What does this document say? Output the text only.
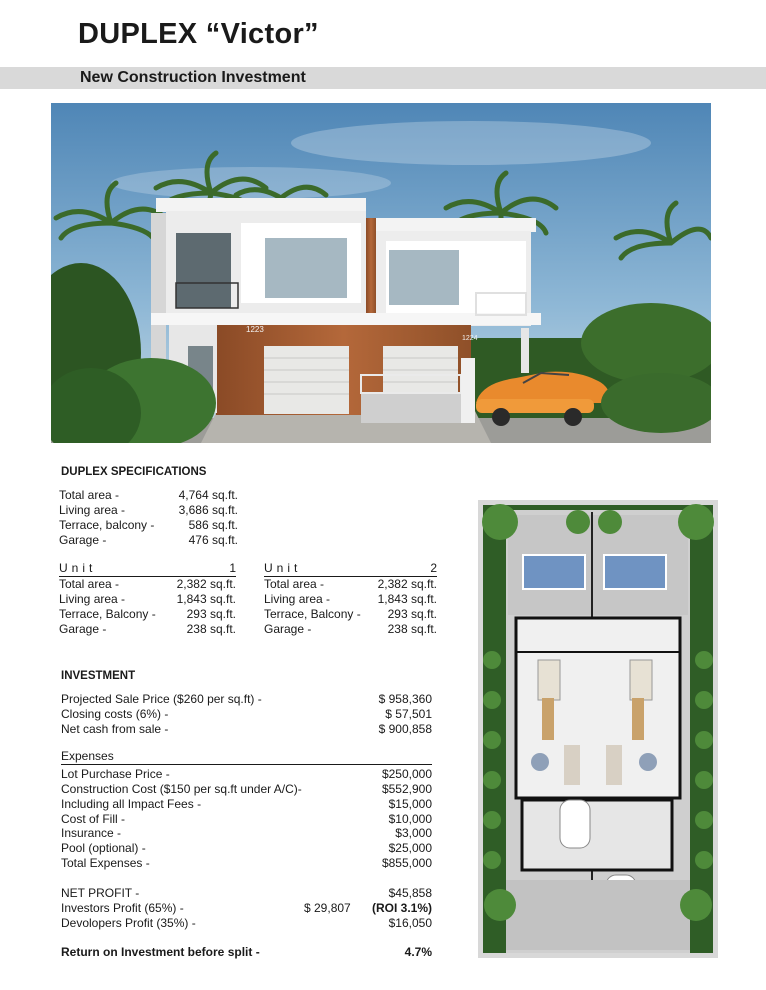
DUPLEX “Victor”
New Construction Investment
1223
1224
DUPLEX SPECIFICATIONS
Total area -	4,764 sq.ft.
Living area -	3,686 sq.ft.
Terrace, balcony -	586 sq.ft.
Garage -	476 sq.ft.
Unit	1
Total area -	2,382 sq.ft.
Living area -	1,843 sq.ft.
Terrace, Balcony -	293 sq.ft.
Garage -	238 sq.ft.
Unit	2
Total area -	2,382 sq.ft.
Living area -	1,843 sq.ft.
Terrace, Balcony - 293 sq.ft.
Garage -	238 sq.ft.
INVESTMENT
Projected Sale Price ($260 per sq.ft) -	$ 958,360
Closing costs (6%) -	$ 57,501
Net cash from sale -	$ 900,858
Expenses
Lot Purchase Price -	$250,000
Construction Cost ($150 per sq.ft under A/C)-	$552,900
Including all Impact Fees -	$15,000
Cost of Fill -	$10,000
Insurance -	$3,000
Pool (optional) -	$25,000
Total Expenses -	$855,000
NET PROFIT -	$45,858
Investors Profit (65%) -	$ 29,807 (ROI 3.1%)
Devolopers Profit (35%) -	$16,050
Return on Investment before split -	4.7%
